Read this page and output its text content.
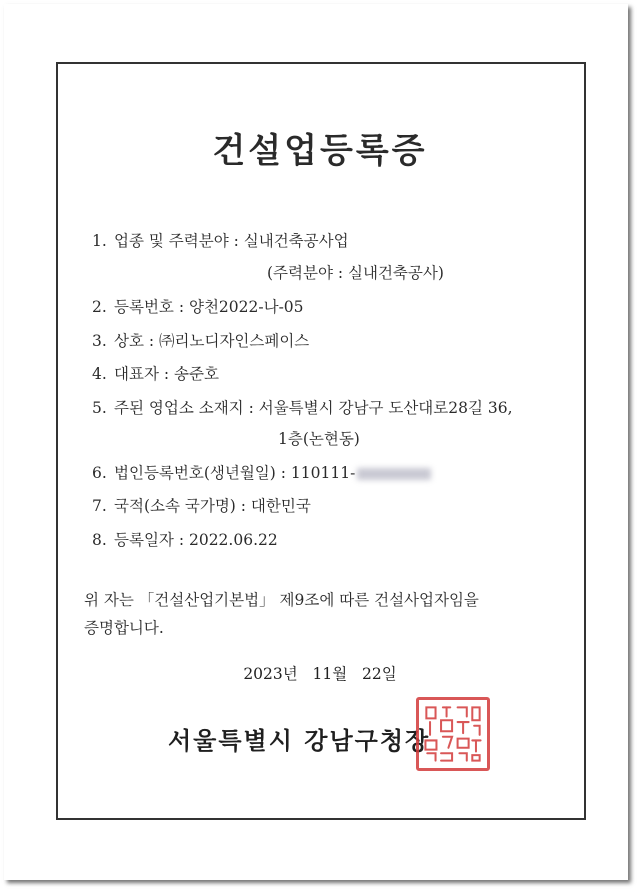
건설업등록증
1. 업종 및 주력분야 : 실내건축공사업
(주력분야 : 실내건축공사)
2. 등록번호 : 양천2022-나-05
3. 상호 : ㈜리노디자인스페이스
4. 대표자 : 송준호
5. 주된 영업소 소재지 : 서울특별시 강남구 도산대로28길 36,
1층(논현동)
6. 법인등록번호(생년월일) : 110111-
7. 국적(소속 국가명) : 대한민국
8. 등록일자 : 2022.06.22
위 자는 「건설산업기본법」 제9조에 따른 건설사업자임을
증명합니다.
2023년   11월   22일
서울특별시 강남구청장
